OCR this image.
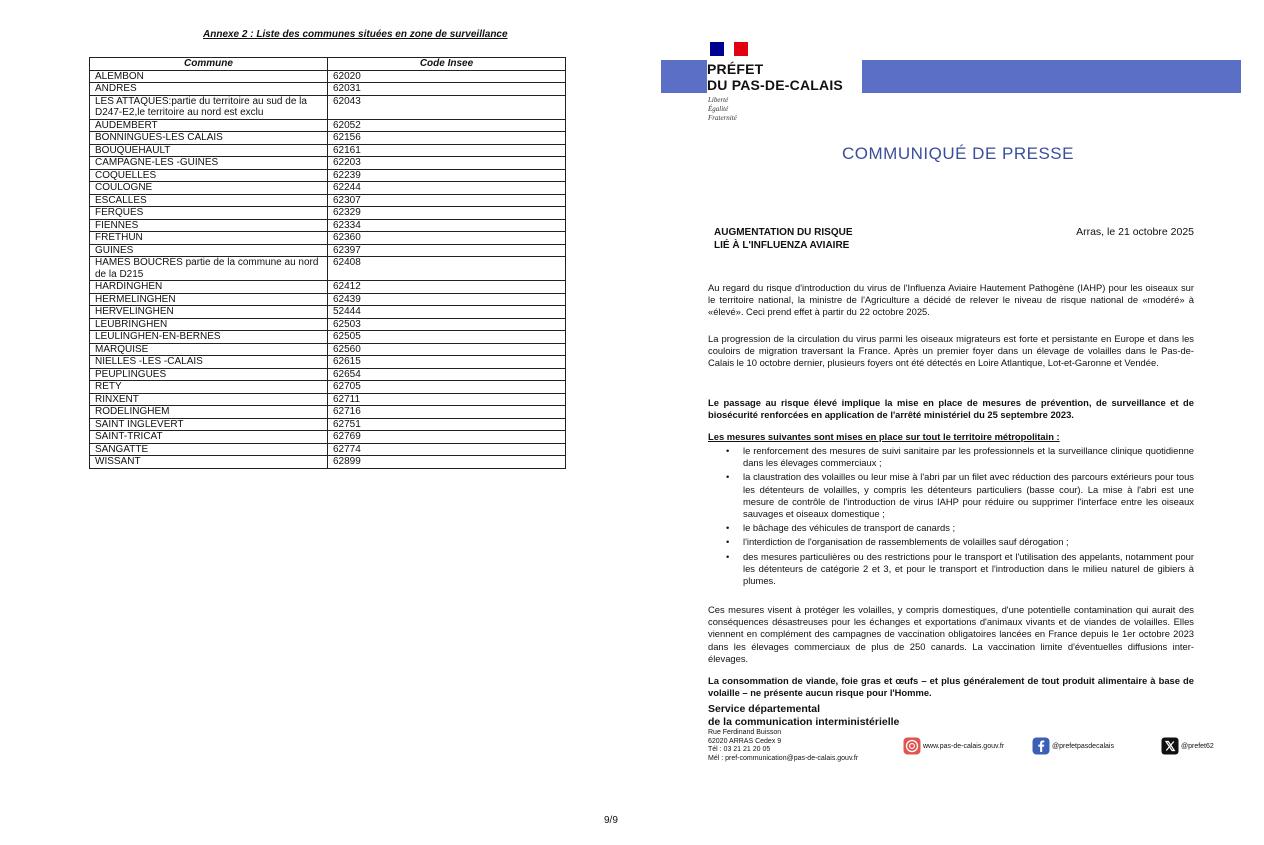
Annexe 2 : Liste des communes situées en zone de surveillance
Commune	Code Insee
ALEMBON	62020
ANDRES	62031
LES ATTAQUES:partie du territoire au sud de la D247-E2,le territoire au nord est exclu	62043
AUDEMBERT	62052
BONNINGUES-LES CALAIS	62156
BOUQUEHAULT	62161
CAMPAGNE-LES -GUINES	62203
COQUELLES	62239
COULOGNE	62244
ESCALLES	62307
FERQUES	62329
FIENNES	62334
FRETHUN	62360
GUINES	62397
HAMES BOUCRES partie de la commune au nord de la D215	62408
HARDINGHEN	62412
HERMELINGHEN	62439
HERVELINGHEN	52444
LEUBRINGHEN	62503
LEULINGHEN-EN-BERNES	62505
MARQUISE	62560
NIELLES -LES -CALAIS	62615
PEUPLINGUES	62654
RETY	62705
RINXENT	62711
RODELINGHEM	62716
SAINT INGLEVERT	62751
SAINT-TRICAT	62769
SANGATTE	62774
WISSANT	62899
9/9
PRÉFET
DU PAS-DE-CALAIS
Liberté
Égalité
Fraternité
COMMUNIQUÉ DE PRESSE
AUGMENTATION DU RISQUE
LIÉ À L'INFLUENZA AVIAIRE
Arras, le 21 octobre 2025
Au regard du risque d'introduction du virus de l'Influenza Aviaire Hautement Pathogène (IAHP) pour les oiseaux sur le territoire national, la ministre de l'Agriculture a décidé de relever le niveau de risque national de «modéré» à «élevé». Ceci prend effet à partir du 22 octobre 2025.
La progression de la circulation du virus parmi les oiseaux migrateurs est forte et persistante en Europe et dans les couloirs de migration traversant la France. Après un premier foyer dans un élevage de volailles dans le Pas-de-Calais le 10 octobre dernier, plusieurs foyers ont été détectés en Loire Atlantique, Lot-et-Garonne et Vendée.
Le passage au risque élevé implique la mise en place de mesures de prévention, de surveillance et de biosécurité renforcées en application de l'arrêté ministériel du 25 septembre 2023.
Les mesures suivantes sont mises en place sur tout le territoire métropolitain :
• le renforcement des mesures de suivi sanitaire par les professionnels et la surveillance clinique quotidienne dans les élevages commerciaux ;
• la claustration des volailles ou leur mise à l'abri par un filet avec réduction des parcours extérieurs pour tous les détenteurs de volailles, y compris les détenteurs particuliers (basse cour). La mise à l'abri est une mesure de contrôle de l'introduction de virus IAHP pour réduire ou supprimer l'interface entre les oiseaux sauvages et oiseaux domestique ;
• le bâchage des véhicules de transport de canards ;
• l'interdiction de l'organisation de rassemblements de volailles sauf dérogation ;
• des mesures particulières ou des restrictions pour le transport et l'utilisation des appelants, notamment pour les détenteurs de catégorie 2 et 3, et pour le transport et l'introduction dans le milieu naturel de gibiers à plumes.
Ces mesures visent à protéger les volailles, y compris domestiques, d'une potentielle contamination qui aurait des conséquences désastreuses pour les échanges et exportations d'animaux vivants et de viandes de volailles. Elles viennent en complément des campagnes de vaccination obligatoires lancées en France depuis le 1er octobre 2023 dans les élevages commerciaux de plus de 250 canards. La vaccination limite d'éventuelles diffusions inter-élevages.
La consommation de viande, foie gras et œufs – et plus généralement de tout produit alimentaire à base de volaille – ne présente aucun risque pour l'Homme.
Service départemental
de la communication interministérielle
Rue Ferdinand Buisson
62020 ARRAS Cedex 9
Tél : 03 21 21 20 05
Mél : pref-communication@pas-de-calais.gouv.fr
www.pas-de-calais.gouv.fr	@prefetpasdecalais	@prefet62
